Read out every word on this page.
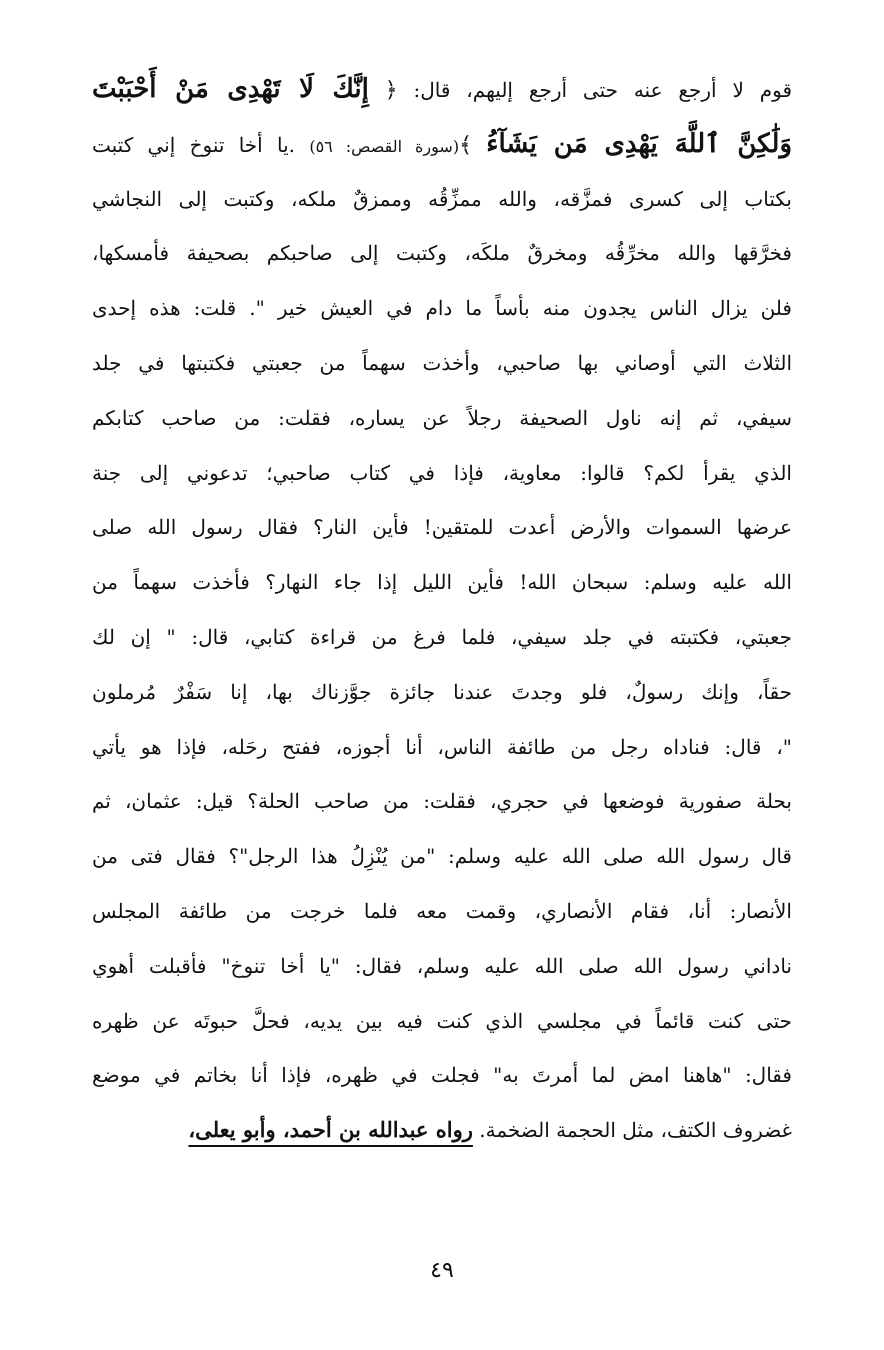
قوم لا أرجع عنه حتى أرجع إليهم، قال: ﴿ إِنَّكَ لَا تَهْدِى مَنْ أَحْبَبْتَ
وَلَٰكِنَّ ٱللَّهَ يَهْدِى مَن يَشَآءُ ﴾(سورة القصص: ٥٦) .يا أخا تنوخ إني كتبت
بكتاب إلى كسرى فمزَّقه، والله ممزِّقُه وممزقٌ ملكه، وكتبت إلى النجاشي
فخرَّقها والله مخرِّقُه ومخرقٌ ملكَه، وكتبت إلى صاحبكم بصحيفة فأمسكها،
فلن يزال الناس يجدون منه بأساً ما دام في العيش خير ". قلت: هذه إحدى
الثلاث التي أوصاني بها صاحبي، وأخذت سهماً من جعبتي فكتبتها في جلد
سيفي، ثم إنه ناول الصحيفة رجلاً عن يساره، فقلت: من صاحب كتابكم
الذي يقرأ لكم؟ قالوا: معاوية، فإذا في كتاب صاحبي؛ تدعوني إلى جنة
عرضها السموات والأرض أعدت للمتقين! فأين النار؟ فقال رسول الله صلى
الله عليه وسلم: سبحان الله! فأين الليل إذا جاء النهار؟ فأخذت سهماً من
جعبتي، فكتبته في جلد سيفي، فلما فرغ من قراءة كتابي، قال: " إن لك
حقاً، وإنك رسولٌ، فلو وجدتَ عندنا جائزة جوَّزناك بها، إنا سَفْرٌ مُرملون
"، قال: فناداه رجل من طائفة الناس، أنا أجوزه، ففتح رحَله، فإذا هو يأتي
بحلة صفورية فوضعها في حجري، فقلت: من صاحب الحلة؟ قيل: عثمان، ثم
قال رسول الله صلى الله عليه وسلم: "من يُنْزِلُ هذا الرجل"؟ فقال فتى من
الأنصار: أنا، فقام الأنصاري، وقمت معه فلما خرجت من طائفة المجلس
ناداني رسول الله صلى الله عليه وسلم، فقال: "يا أخا تنوخ" فأقبلت أهوي
حتى كنت قائماً في مجلسي الذي كنت فيه بين يديه، فحلَّ حبوتَه عن ظهره
فقال: "هاهنا امض لما أمرتَ به" فجلت في ظهره، فإذا أنا بخاتم في موضع
غضروف الكتف، مثل الحجمة الضخمة. رواه عبدالله بن أحمد، وأبو يعلى،
٤٩
